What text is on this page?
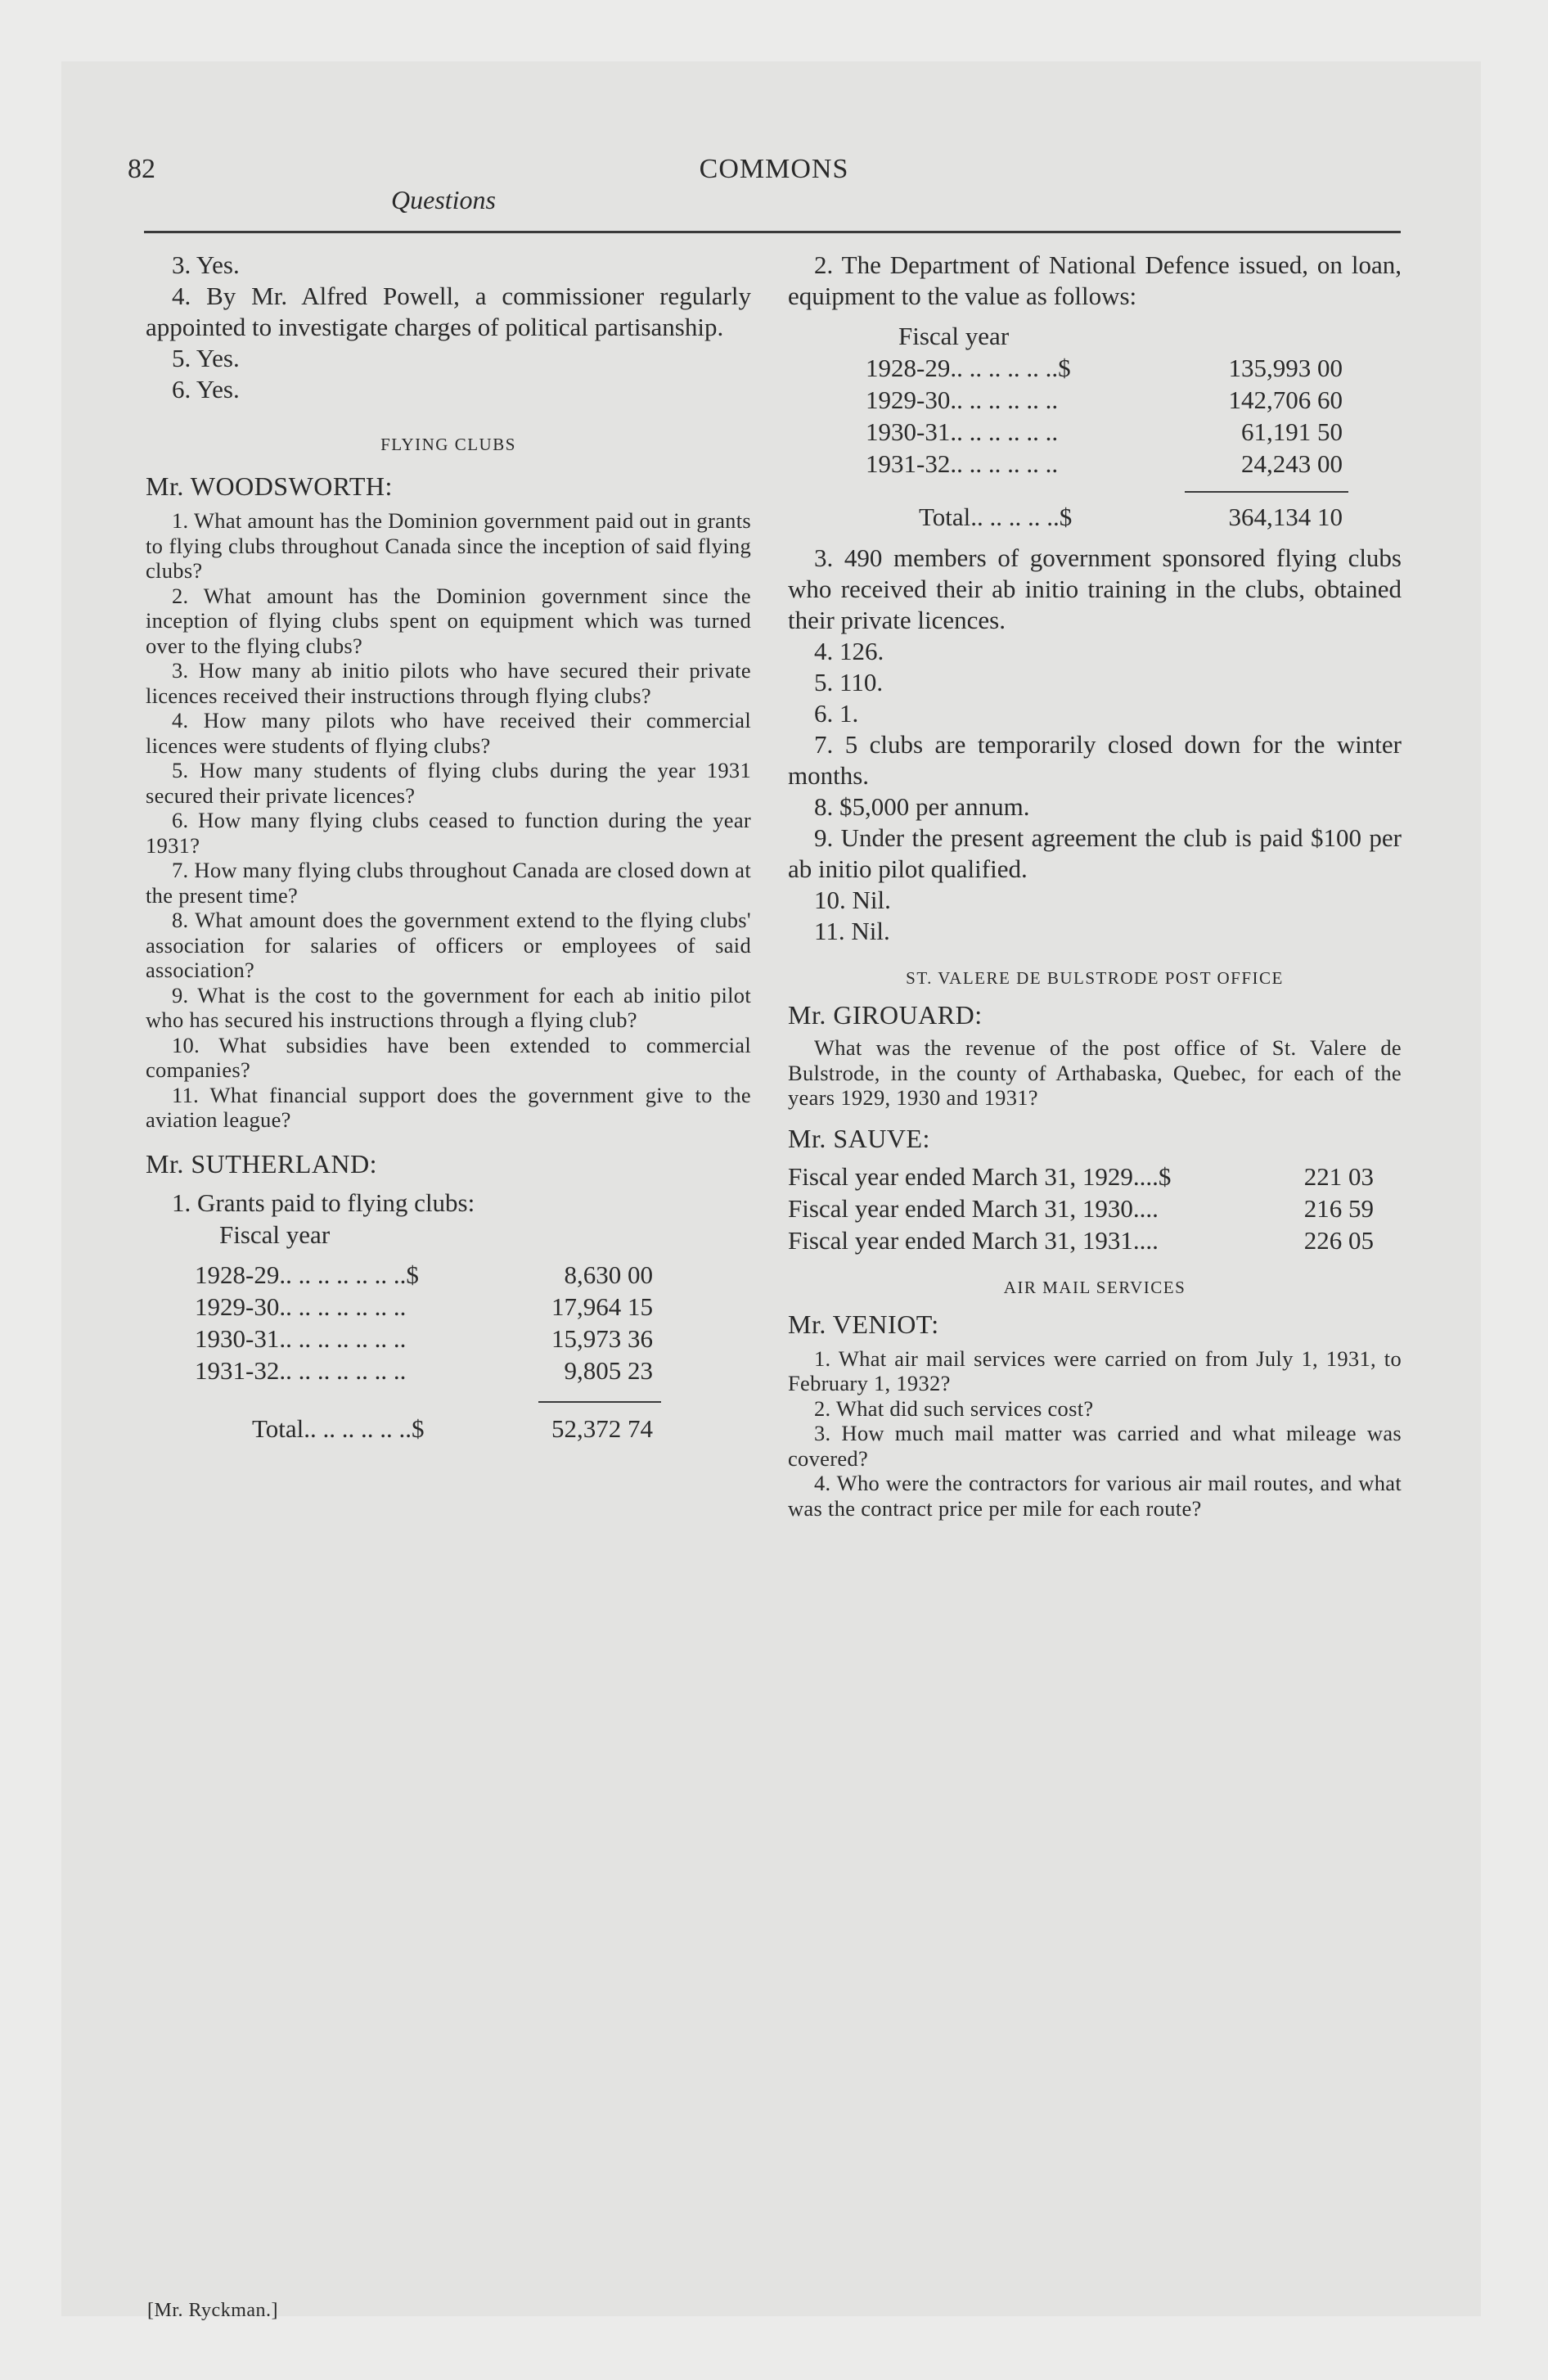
82	COMMONS
Questions

3. Yes.

4. By Mr. Alfred Powell, a commissioner regularly appointed to investigate charges of political partisanship.

5. Yes.

6. Yes.

FLYING CLUBS

Mr. WOODSWORTH:

1. What amount has the Dominion government paid out in grants to flying clubs throughout Canada since the inception of said flying clubs?

2. What amount has the Dominion government since the inception of flying clubs spent on equipment which was turned over to the flying clubs?

3. How many ab initio pilots who have secured their private licences received their instructions through flying clubs?

4. How many pilots who have received their commercial licences were students of flying clubs?

5. How many students of flying clubs during the year 1931 secured their private licences?

6. How many flying clubs ceased to function during the year 1931?

7. How many flying clubs throughout Canada are closed down at the present time?

8. What amount does the government extend to the flying clubs' association for salaries of officers or employees of said association?

9. What is the cost to the government for each ab initio pilot who has secured his instructions through a flying club?

10. What subsidies have been extended to commercial companies?

11. What financial support does the government give to the aviation league?

Mr. SUTHERLAND:

1. Grants paid to flying clubs:

Fiscal year
1928-29.. .. .. .. .. .. ..$	8,630 00
1929-30.. .. .. .. .. .. ..	17,964 15
1930-31.. .. .. .. .. .. ..	15,973 36
1931-32.. .. .. .. .. .. ..	9,805 23
Total.. .. .. .. .. ..$	52,372 74

2. The Department of National Defence issued, on loan, equipment to the value as follows:

Fiscal year
1928-29.. .. .. .. .. ..$	135,993 00
1929-30.. .. .. .. .. ..	142,706 60
1930-31.. .. .. .. .. ..	61,191 50
1931-32.. .. .. .. .. ..	24,243 00
Total.. .. .. .. ..$	364,134 10

3. 490 members of government sponsored flying clubs who received their ab initio training in the clubs, obtained their private licences.

4. 126.

5. 110.

6. 1.

7. 5 clubs are temporarily closed down for the winter months.

8. $5,000 per annum.

9. Under the present agreement the club is paid $100 per ab initio pilot qualified.

10. Nil.

11. Nil.

ST. VALERE DE BULSTRODE POST OFFICE

Mr. GIROUARD:

What was the revenue of the post office of St. Valere de Bulstrode, in the county of Arthabaska, Quebec, for each of the years 1929, 1930 and 1931?

Mr. SAUVE:

Fiscal year ended March 31, 1929....$	221 03
Fiscal year ended March 31, 1930....	216 59
Fiscal year ended March 31, 1931....	226 05

AIR MAIL SERVICES

Mr. VENIOT:

1. What air mail services were carried on from July 1, 1931, to February 1, 1932?

2. What did such services cost?

3. How much mail matter was carried and what mileage was covered?

4. Who were the contractors for various air mail routes, and what was the contract price per mile for each route?

[Mr. Ryckman.]
